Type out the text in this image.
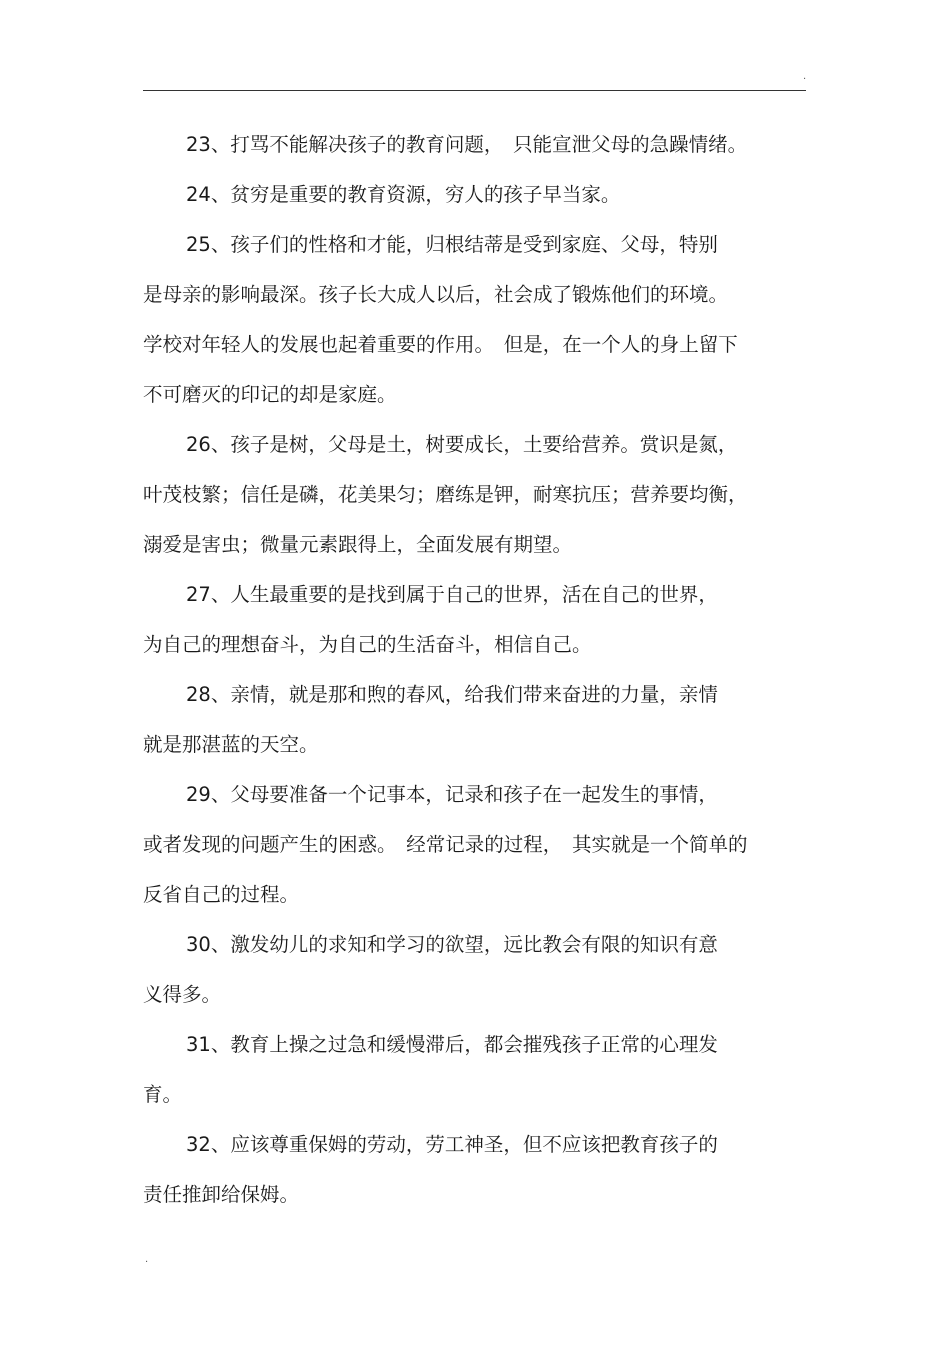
.
23、打骂不能解决孩子的教育问题，　只能宣泄父母的急躁情绪。
24、贫穷是重要的教育资源，穷人的孩子早当家。
25、孩子们的性格和才能，归根结蒂是受到家庭、父母，特别
是母亲的影响最深。孩子长大成人以后，社会成了锻炼他们的环境。
学校对年轻人的发展也起着重要的作用。　但是，在一个人的身上留下
不可磨灭的印记的却是家庭。
26、孩子是树，父母是土，树要成长，土要给营养。赏识是氮，
叶茂枝繁；信任是磷，花美果匀；磨练是钾，耐寒抗压；营养要均衡，
溺爱是害虫；微量元素跟得上，全面发展有期望。
27、人生最重要的是找到属于自己的世界，活在自己的世界，
为自己的理想奋斗，为自己的生活奋斗，相信自己。
28、亲情，就是那和煦的春风，给我们带来奋进的力量，亲情
就是那湛蓝的天空。
29、父母要准备一个记事本，记录和孩子在一起发生的事情，
或者发现的问题产生的困惑。　经常记录的过程，　其实就是一个简单的
反省自己的过程。
30、激发幼儿的求知和学习的欲望，远比教会有限的知识有意
义得多。
31、教育上操之过急和缓慢滞后，都会摧残孩子正常的心理发
育。
32、应该尊重保姆的劳动，劳工神圣，但不应该把教育孩子的
责任推卸给保姆。
.
